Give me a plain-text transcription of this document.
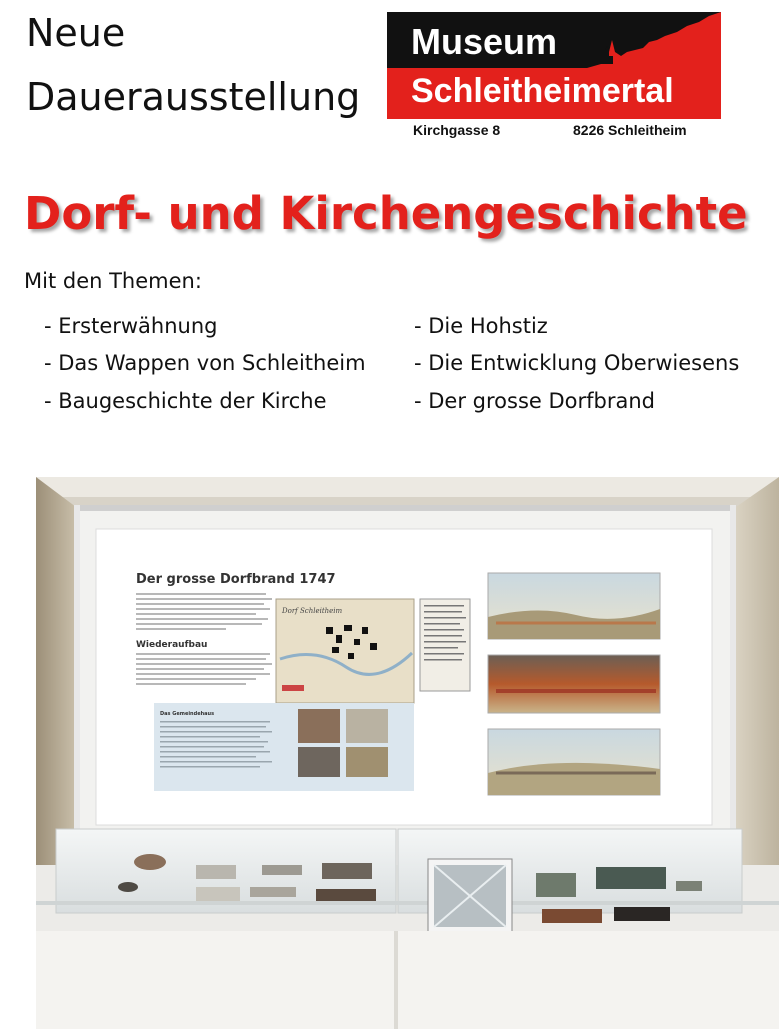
Neue
Dauerausstellung
Museum
Schleitheimertal
Kirchgasse 8	8226 Schleitheim
Dorf- und Kirchengeschichte
Mit den Themen:
- Ersterwähnung
- Das Wappen von Schleitheim
- Baugeschichte der Kirche
- Die Hohstiz
- Die Entwicklung Oberwiesens
- Der grosse Dorfbrand
Der grosse Dorfbrand 1747
Wiederaufbau
Dorf Schleitheim
Das Gemeindehaus
